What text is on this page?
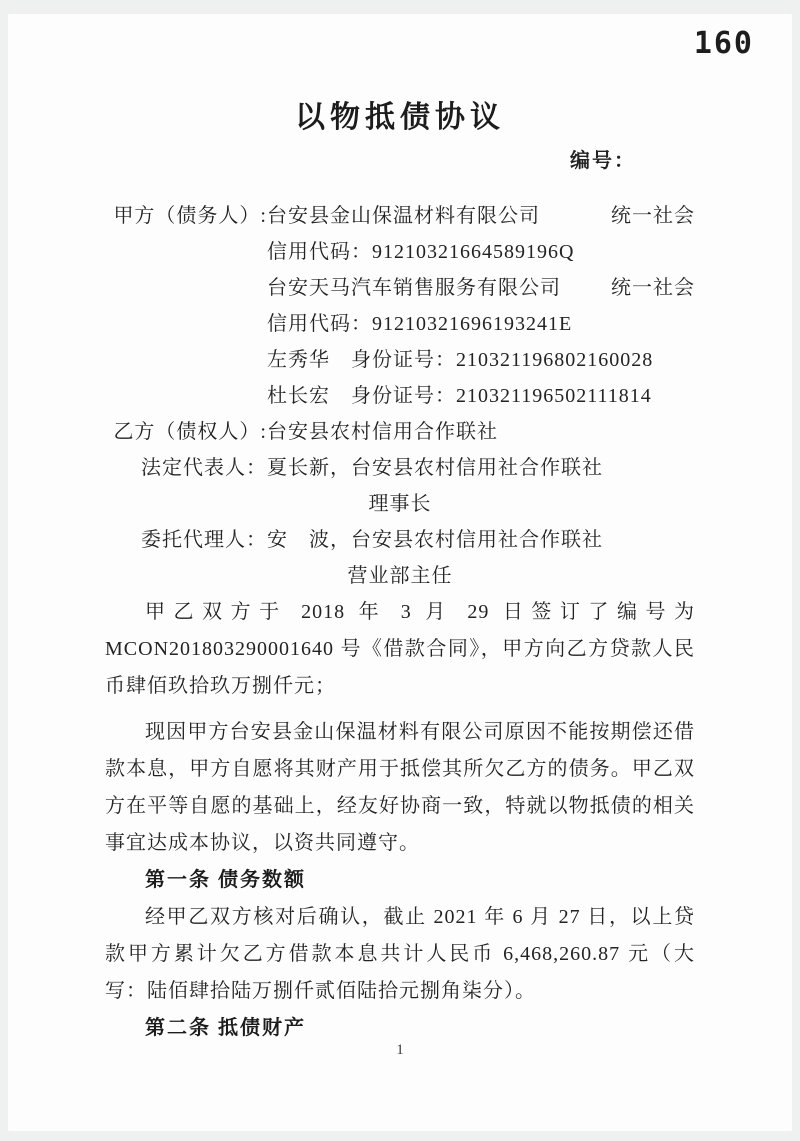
160
以物抵债协议
编号：
甲方（债务人）: 台安县金山保温材料有限公司	统一社会
信用代码：91210321664589196Q
台安天马汽车销售服务有限公司	统一社会
信用代码：91210321696193241E
左秀华　身份证号：210321196802160028
杜长宏　身份证号：210321196502111814
乙方（债权人）: 台安县农村信用合作联社
法定代表人： 夏长新，台安县农村信用社合作联社
理事长
委托代理人： 安　波，台安县农村信用社合作联社
营业部主任

甲乙双方于 2018 年 3 月 29 日签订了编号为MCON201803290001640 号《借款合同》，甲方向乙方贷款人民币肆佰玖拾玖万捌仟元；

现因甲方台安县金山保温材料有限公司原因不能按期偿还借款本息，甲方自愿将其财产用于抵偿其所欠乙方的债务。甲乙双方在平等自愿的基础上，经友好协商一致，特就以物抵债的相关事宜达成本协议，以资共同遵守。

第一条 债务数额

经甲乙双方核对后确认，截止 2021 年 6 月 27 日，以上贷款甲方累计欠乙方借款本息共计人民币 6,468,260.87 元（大写：陆佰肆拾陆万捌仟贰佰陆拾元捌角柒分）。

第二条 抵债财产

1
